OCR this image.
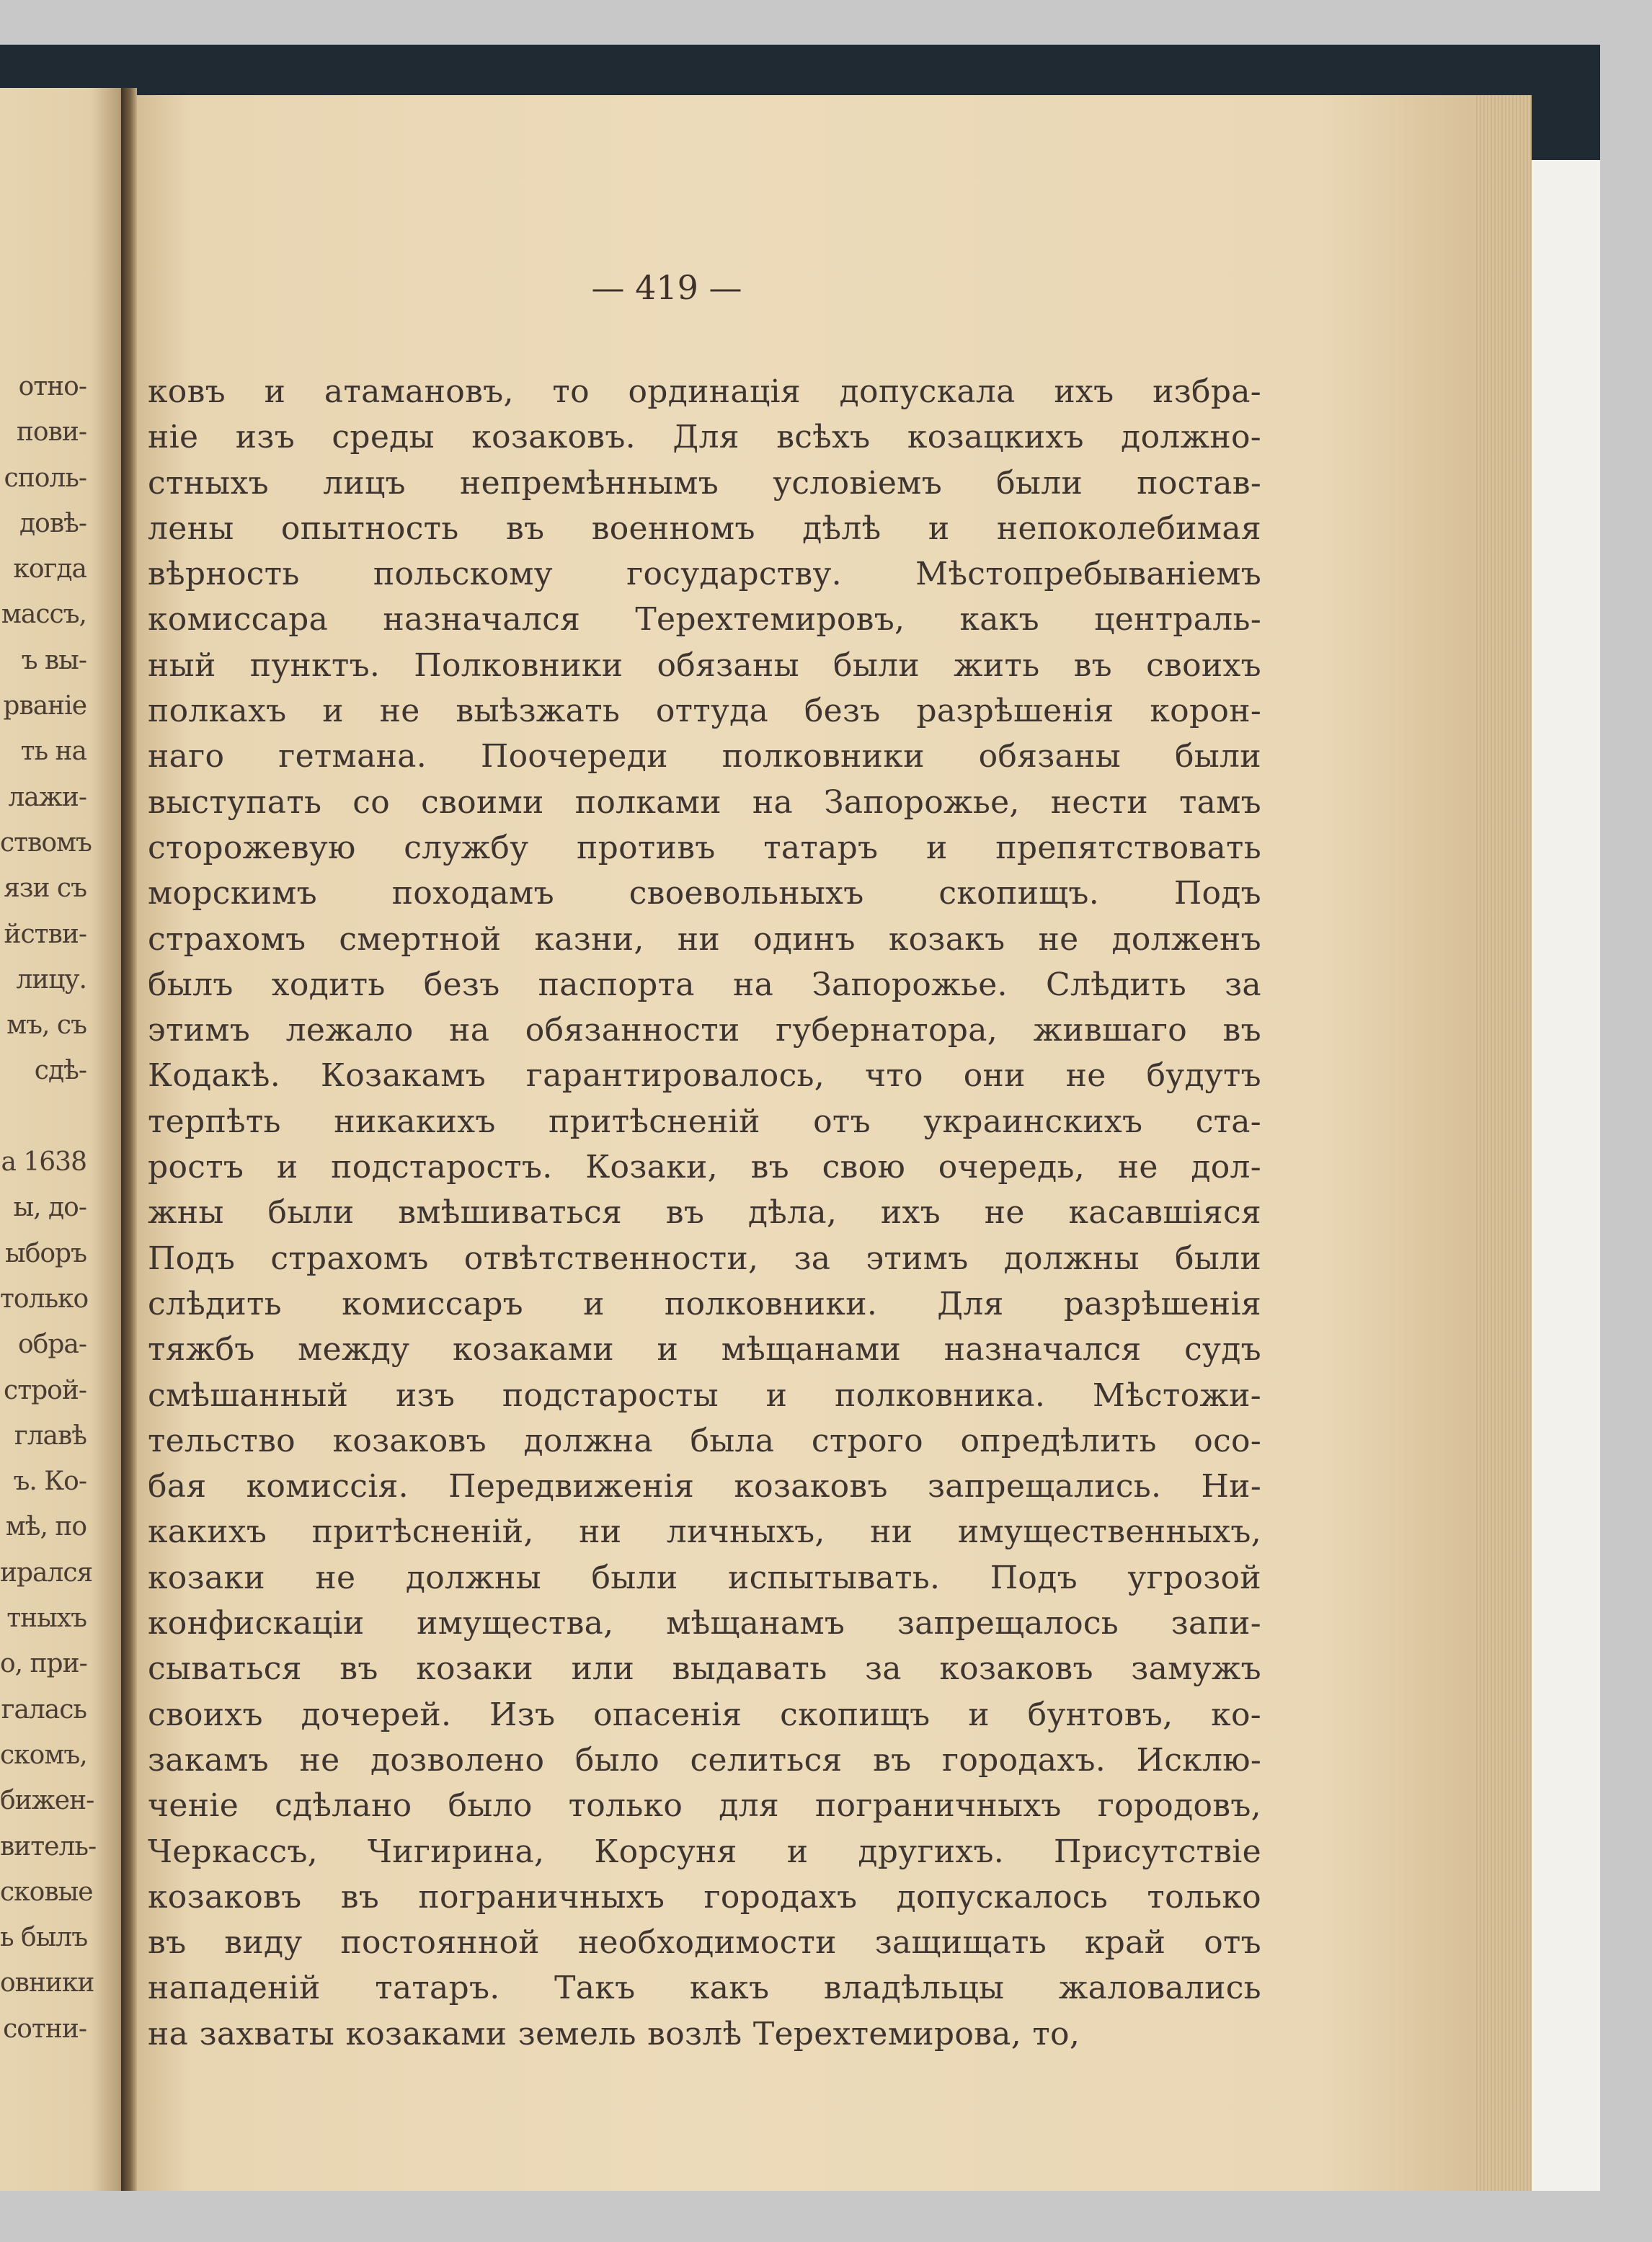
отно-
пови-
споль-
довѣ-
когда
массъ,
ъ вы-
рваніе
ть на
лажи-
ствомъ
язи съ
йстви-
лицу.
мъ, съ
сдѣ-
а 1638
ы, до-
ыборъ
только
обра-
строй-
главѣ
ъ. Ко-
мѣ, по
ирался
тныхъ
о, при-
галась
скомъ,
бижен-
витель-
сковые
ь былъ
овники
сотни-
— 419 —
ковъ и атамановъ, то ординація допускала ихъ избра-
ніе изъ среды козаковъ. Для всѣхъ козацкихъ должно-
стныхъ лицъ непремѣннымъ условіемъ были постав-
лены опытность въ военномъ дѣлѣ и непоколебимая
вѣрность польскому государству. Мѣстопребываніемъ
комиссара назначался Терехтемировъ, какъ централь-
ный пунктъ. Полковники обязаны были жить въ своихъ
полкахъ и не выѣзжать оттуда безъ разрѣшенія корон-
наго гетмана. Поочереди полковники обязаны были
выступать со своими полками на Запорожье, нести тамъ
сторожевую службу противъ татаръ и препятствовать
морскимъ походамъ своевольныхъ скопищъ. Подъ
страхомъ смертной казни, ни одинъ козакъ не долженъ
былъ ходить безъ паспорта на Запорожье. Слѣдить за
этимъ лежало на обязанности губернатора, жившаго въ
Кодакѣ. Козакамъ гарантировалось, что они не будутъ
терпѣть никакихъ притѣсненій отъ украинскихъ ста-
ростъ и подстаростъ. Козаки, въ свою очередь, не дол-
жны были вмѣшиваться въ дѣла, ихъ не касавшіяся
Подъ страхомъ отвѣтственности, за этимъ должны были
слѣдить комиссаръ и полковники. Для разрѣшенія
тяжбъ между козаками и мѣщанами назначался судъ
смѣшанный изъ подстаросты и полковника. Мѣстожи-
тельство козаковъ должна была строго опредѣлить осо-
бая комиссія. Передвиженія козаковъ запрещались. Ни-
какихъ притѣсненій, ни личныхъ, ни имущественныхъ,
козаки не должны были испытывать. Подъ угрозой
конфискаціи имущества, мѣщанамъ запрещалось запи-
сываться въ козаки или выдавать за козаковъ замужъ
своихъ дочерей. Изъ опасенія скопищъ и бунтовъ, ко-
закамъ не дозволено было селиться въ городахъ. Исклю-
ченіе сдѣлано было только для пограничныхъ городовъ,
Черкассъ, Чигирина, Корсуня и другихъ. Присутствіе
козаковъ въ пограничныхъ городахъ допускалось только
въ виду постоянной необходимости защищать край отъ
нападеній татаръ. Такъ какъ владѣльцы жаловались
на захваты козаками земель возлѣ Терехтемирова, то,
